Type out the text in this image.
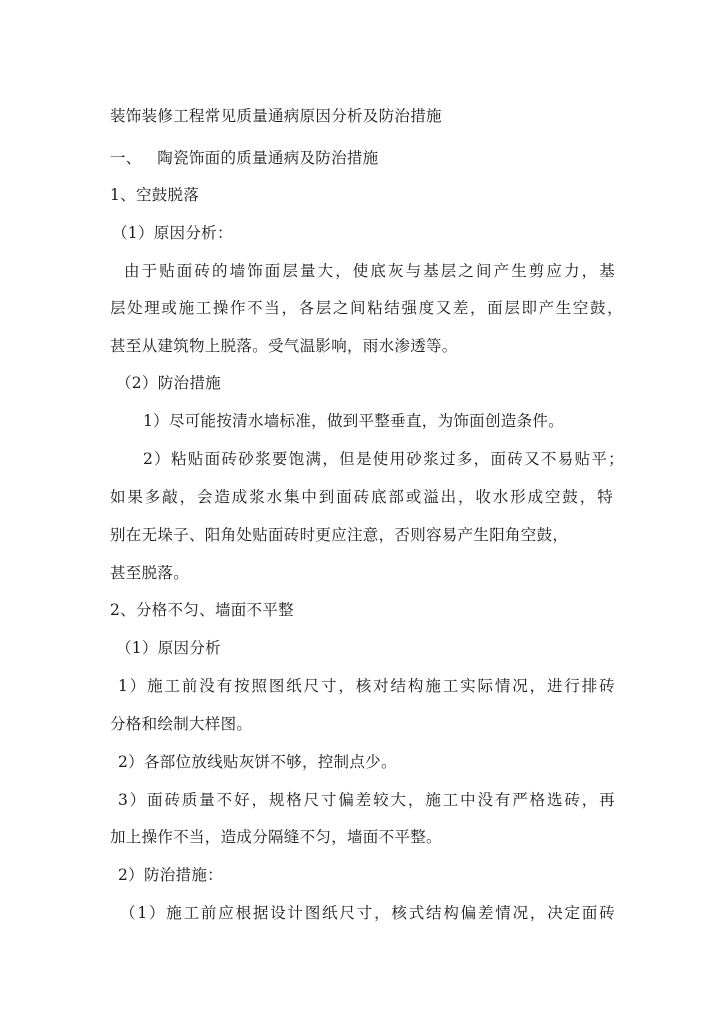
装饰装修工程常见质量通病原因分析及防治措施
一、   陶瓷饰面的质量通病及防治措施
1、空鼓脱落
（1）原因分析：
由于贴面砖的墙饰面层量大，使底灰与基层之间产生剪应力，基
层处理或施工操作不当，各层之间粘结强度又差，面层即产生空鼓，
甚至从建筑物上脱落。受气温影响，雨水渗透等。
（2）防治措施
1）尽可能按清水墙标准，做到平整垂直，为饰面创造条件。
2）粘贴面砖砂浆要饱满，但是使用砂浆过多，面砖又不易贴平；
如果多敲，会造成浆水集中到面砖底部或溢出，收水形成空鼓，特
别在无垛子、阳角处贴面砖时更应注意，否则容易产生阳角空鼓，
甚至脱落。
2、分格不匀、墙面不平整
（1）原因分析
1）施工前没有按照图纸尺寸，核对结构施工实际情况，进行排砖
分格和绘制大样图。
2）各部位放线贴灰饼不够，控制点少。
3）面砖质量不好，规格尺寸偏差较大，施工中没有严格选砖，再
加上操作不当，造成分隔缝不匀，墙面不平整。
2）防治措施：
（1）施工前应根据设计图纸尺寸，核式结构偏差情况，决定面砖
